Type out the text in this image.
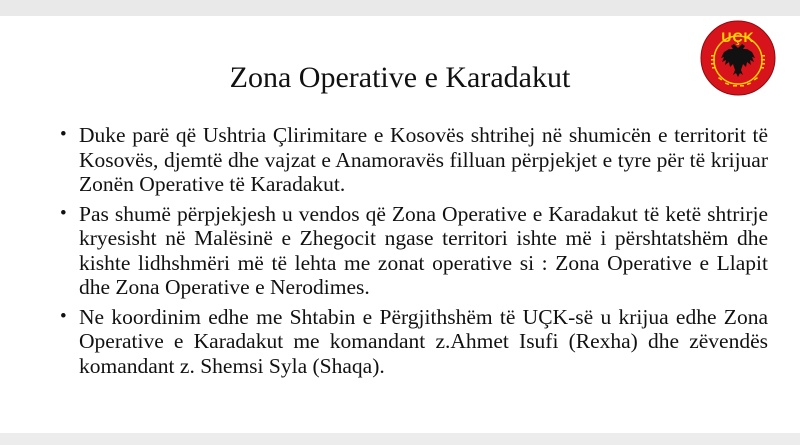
UÇK
Zona Operative e Karadakut
• Duke parë që Ushtria Çlirimitare e Kosovës shtrihej në shumicën e territorit të Kosovës, djemtë dhe vajzat e Anamoravës filluan përpjekjet e tyre për të krijuar Zonën Operative të Karadakut.
• Pas shumë përpjekjesh u vendos që Zona Operative e Karadakut të ketë shtrirje kryesisht në Malësinë e Zhegocit ngase territori ishte më i përshtatshëm dhe kishte lidhshmëri më të lehta me zonat operative si : Zona Operative e Llapit dhe Zona Operative e Nerodimes.
• Ne koordinim edhe me Shtabin e Përgjithshëm të UÇK-së u krijua edhe Zona Operative e Karadakut me komandant z.Ahmet Isufi (Rexha) dhe zëvendës komandant z. Shemsi Syla (Shaqa).
